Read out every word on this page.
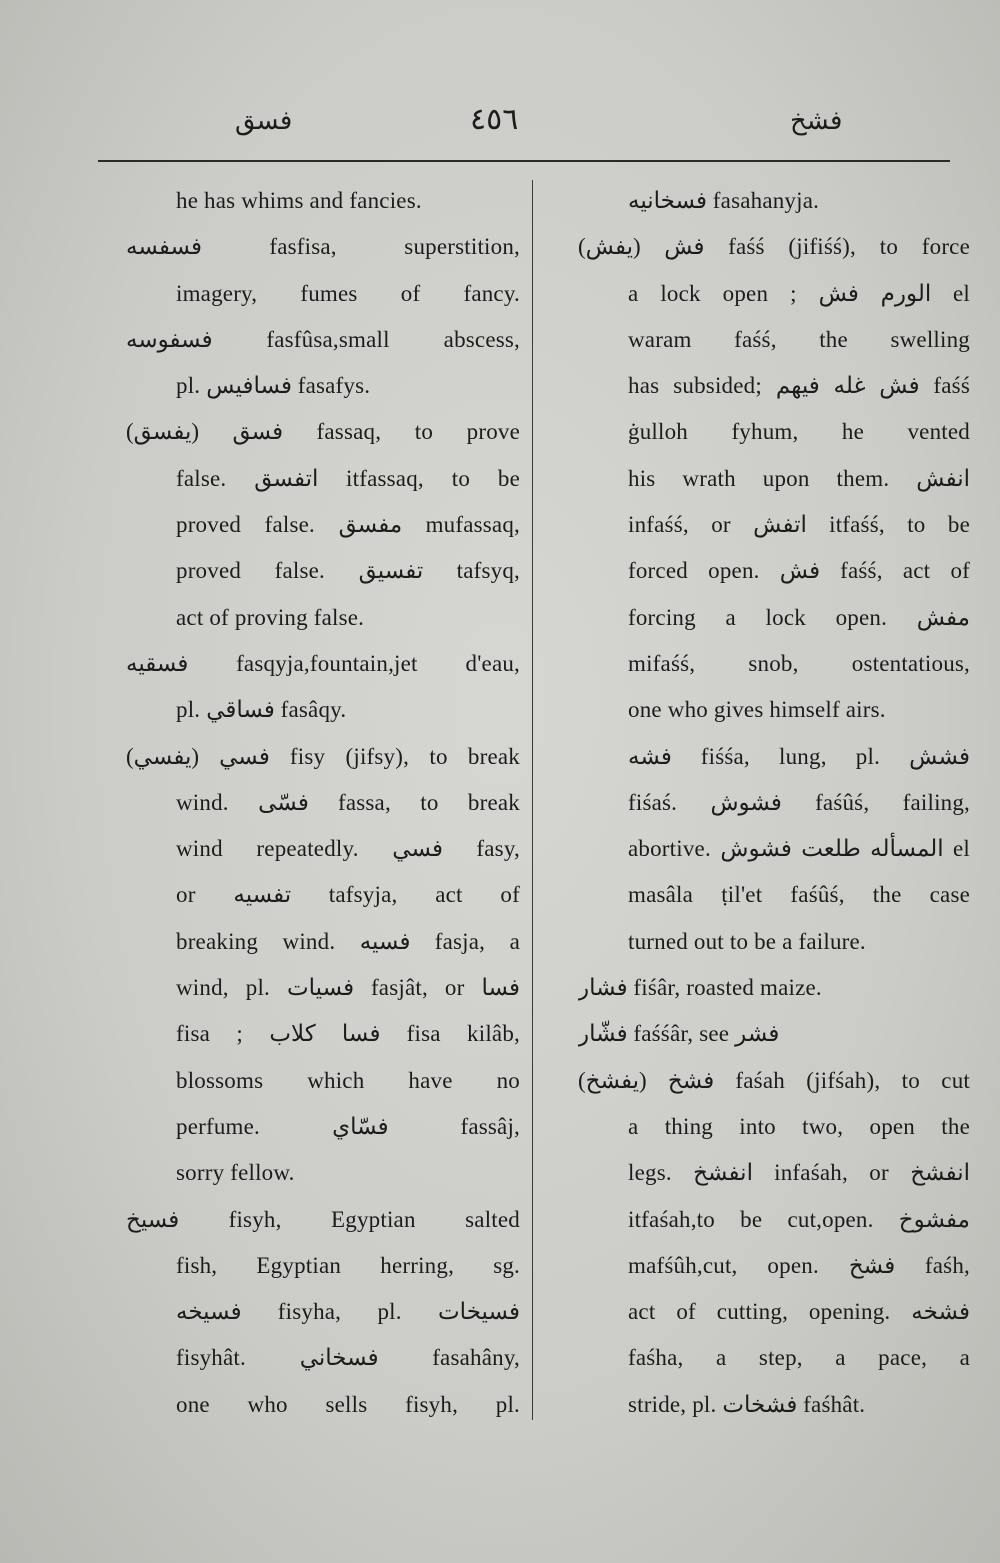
فسق	٤٥٦	فشخ
he has whims and fancies.
فسفسه fasfisa, superstition,
imagery, fumes of fancy.
فسفوسه fasfûsa,small abscess,
pl. فسافيس fasafys.
فسق (يفسق) fassaq, to prove
false. اتفسق itfassaq, to be
proved false. مفسق mufassaq,
proved false. تفسيق tafsyq,
act of proving false.
فسقيه fasqyja,fountain,jet d'eau,
pl. فساقي fasâqy.
فسي (يفسي) fisy (jifsy), to break
wind. فسّى fassa, to break
wind repeatedly. فسي fasy,
or تفسيه tafsyja, act of
breaking wind. فسيه fasja, a
wind, pl. فسيات fasjât, or فسا
fisa ; فسا كلاب fisa kilâb,
blossoms which have no
perfume. فسّاي fassâj,
sorry fellow.
فسيخ fisyh, Egyptian salted
fish, Egyptian herring, sg.
فسيخه fisyha, pl. فسيخات
fisyhât. فسخاني fasahâny,
one who sells fisyh, pl.
فسخانيه fasahanyja.
فش (يفش) faśś (jifiśś), to force
a lock open ; الورم فش el
waram faśś, the swelling
has subsided; فش غله فيهم faśś
ġulloh fyhum, he vented
his wrath upon them. انفش
infaśś, or اتفش itfaśś, to be
forced open. فش faśś, act of
forcing a lock open. مفش
mifaśś, snob, ostentatious,
one who gives himself airs.
فشه fiśśa, lung, pl. فشش
fiśaś. فشوش faśûś, failing,
abortive. المسأله طلعت فشوش el
masâla ṭil'et faśûś, the case
turned out to be a failure.
فشار fiśâr, roasted maize.
فشّار faśśâr, see فشر
فشخ (يفشخ) faśah (jifśah), to cut
a thing into two, open the
legs. انفشخ infaśah, or انفشخ
itfaśah,to be cut,open. مفشوخ
mafśûh,cut, open. فشخ faśh,
act of cutting, opening. فشخه
faśha, a step, a pace, a
stride, pl. فشخات faśhât.
